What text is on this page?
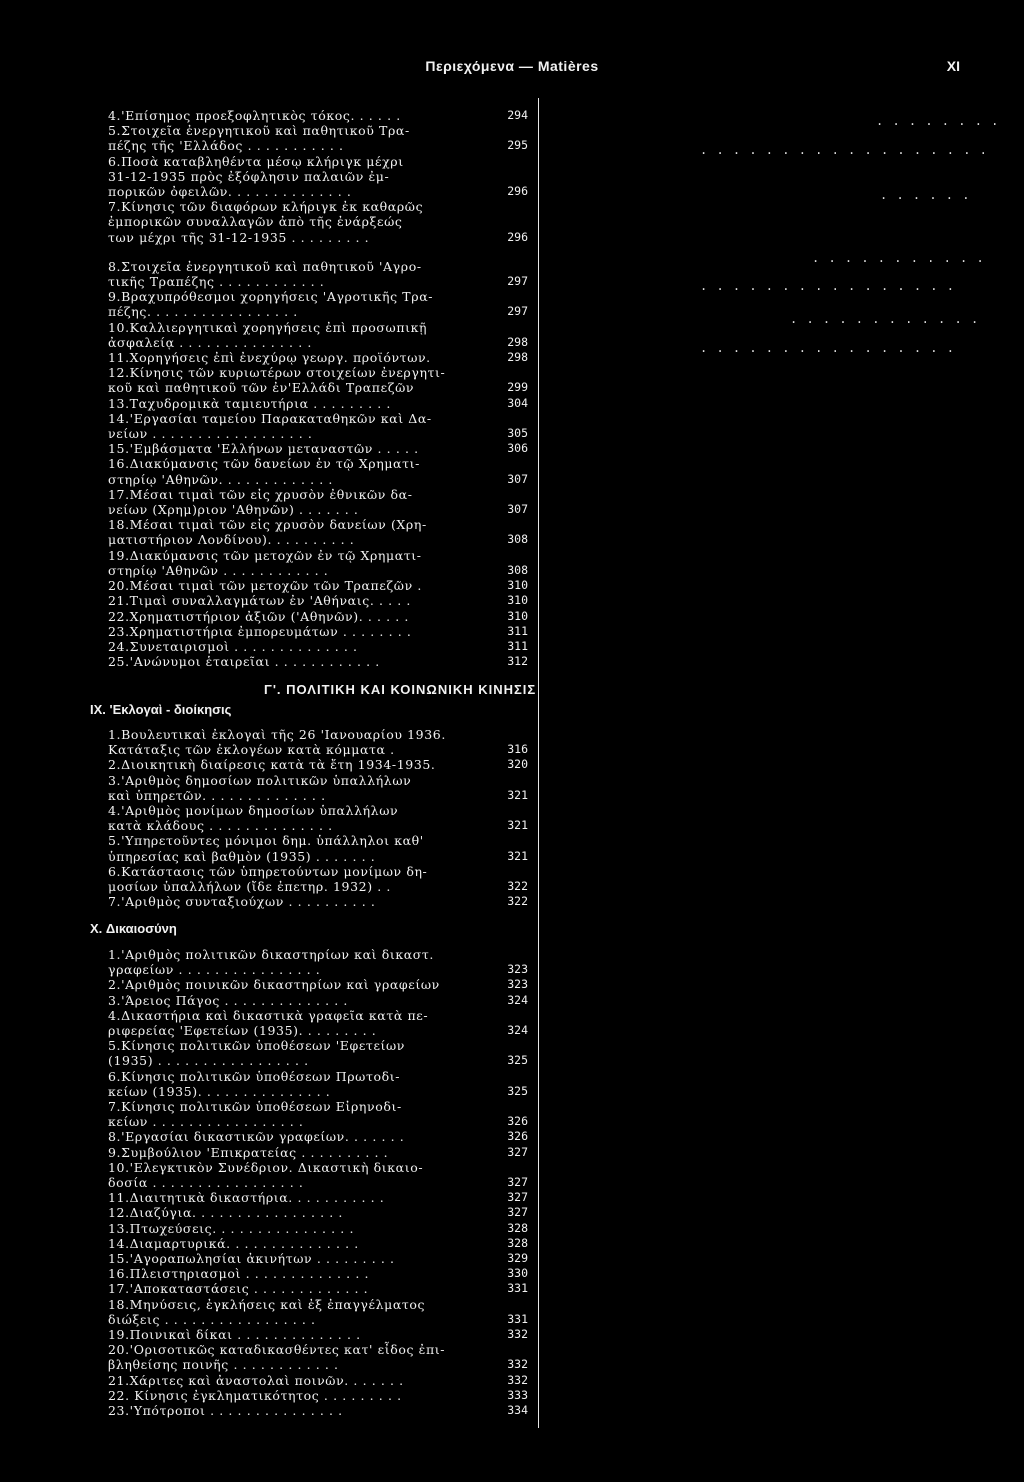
Περιεχόμενα — Matières	XI
4.'Επίσημος προεξοφλητικὸς τόκος. . . . . .	294
5.Στοιχεῖα ἐνεργητικοῦ καὶ παθητικοῦ Τρα-
πέζης τῆς 'Ελλάδος . . . . . . . . . . .	295
6.Ποσὰ καταβληθέντα μέσῳ κλήριγκ μέχρι
31-12-1935 πρὸς ἐξόφλησιν παλαιῶν ἐμ-
πορικῶν ὀφειλῶν. . . . . . . . . . . . . .	296
7.Κίνησις τῶν διαφόρων κλήριγκ ἐκ καθαρῶς
ἐμπορικῶν συναλλαγῶν ἀπὸ τῆς ἐνάρξεώς
των μέχρι τῆς 31-12-1935 . . . . . . . . .	296
8.Στοιχεῖα ἐνεργητικοῦ καὶ παθητικοῦ 'Αγρο-
τικῆς Τραπέζης . . . . . . . . . . . .	297
9.Βραχυπρόθεσμοι χορηγήσεις 'Αγροτικῆς Τρα-
πέζης. . . . . . . . . . . . . . . . .	297
10.Καλλιεργητικαὶ χορηγήσεις ἐπὶ προσωπικῇ
ἀσφαλείᾳ . . . . . . . . . . . . . . .	298
11.Χορηγήσεις ἐπὶ ἐνεχύρῳ γεωργ. προϊόντων.	298
12.Κίνησις τῶν κυριωτέρων στοιχείων ἐνεργητι-
κοῦ καὶ παθητικοῦ τῶν ἐν'Ελλάδι Τραπεζῶν	299
13.Ταχυδρομικὰ ταμιευτήρια . . . . . . . . .	304
14.'Εργασίαι ταμείου Παρακαταθηκῶν καὶ Δα-
νείων . . . . . . . . . . . . . . . . . .	305
15.'Εμβάσματα 'Ελλήνων μεταναστῶν . . . . .	306
16.Διακύμανσις τῶν δανείων ἐν τῷ Χρηματι-
στηρίῳ 'Αθηνῶν. . . . . . . . . . . . .	307
17.Μέσαι τιμαὶ τῶν εἰς χρυσὸν ἐθνικῶν δα-
νείων (Χρημ)ριον 'Αθηνῶν) . . . . . . .	307
18.Μέσαι τιμαὶ τῶν εἰς χρυσὸν δανείων (Χρη-
ματιστήριον Λονδίνου). . . . . . . . . .	308
19.Διακύμανσις τῶν μετοχῶν ἐν τῷ Χρηματι-
στηρίῳ 'Αθηνῶν . . . . . . . . . . . .	308
20.Μέσαι τιμαὶ τῶν μετοχῶν τῶν Τραπεζῶν .	310
21.Τιμαὶ συναλλαγμάτων ἐν 'Αθήναις. . . . .	310
22.Χρηματιστήριον ἀξιῶν ('Αθηνῶν). . . . . .	310
23.Χρηματιστήρια ἐμπορευμάτων . . . . . . . .	311
24.Συνεταιρισμοὶ . . . . . . . . . . . . . .	311
25.'Ανώνυμοι ἑταιρεῖαι . . . . . . . . . . . .	312
Γ'. ΠΟΛΙΤΙΚΗ ΚΑΙ ΚΟΙΝΩΝΙΚΗ ΚΙΝΗΣΙΣ
IX. 'Εκλογαὶ - διοίκησις
1.Βουλευτικαὶ ἐκλογαὶ τῆς 26 'Ιανουαρίου 1936.
Κατάταξις τῶν ἐκλογέων κατὰ κόμματα .	316
2.Διοικητικὴ διαίρεσις κατὰ τὰ ἔτη 1934-1935.	320
3.'Αριθμὸς δημοσίων πολιτικῶν ὑπαλλήλων
καὶ ὑπηρετῶν. . . . . . . . . . . . . .	321
4.'Αριθμὸς μονίμων δημοσίων ὑπαλλήλων
κατὰ κλάδους . . . . . . . . . . . . . .	321
5.'Υπηρετοῦντες μόνιμοι δημ. ὑπάλληλοι καθ'
ὑπηρεσίας καὶ βαθμὸν (1935) . . . . . . .	321
6.Κατάστασις τῶν ὑπηρετούντων μονίμων δη-
μοσίων ὑπαλλήλων (ἴδε ἐπετηρ. 1932) . .	322
7.'Αριθμὸς συνταξιούχων . . . . . . . . . .	322
X. Δικαιοσύνη
1.'Αριθμὸς πολιτικῶν δικαστηρίων καὶ δικαστ.
γραφείων . . . . . . . . . . . . . . . .	323
2.'Αριθμὸς ποινικῶν δικαστηρίων καὶ γραφείων	323
3.'Άρειος Πάγος . . . . . . . . . . . . . .	324
4.Δικαστήρια καὶ δικαστικὰ γραφεῖα κατὰ πε-
ριφερείας 'Εφετείων (1935). . . . . . . . .	324
5.Κίνησις πολιτικῶν ὑποθέσεων 'Εφετείων
(1935) . . . . . . . . . . . . . . . . .	325
6.Κίνησις πολιτικῶν ὑποθέσεων Πρωτοδι-
κείων (1935). . . . . . . . . . . . . . .	325
7.Κίνησις πολιτικῶν ὑποθέσεων Εἰρηνοδι-
κείων . . . . . . . . . . . . . . . . .	326
8.'Εργασίαι δικαστικῶν γραφείων. . . . . . .	326
9.Συμβούλιον 'Επικρατείας . . . . . . . . . .	327
10.'Ελεγκτικὸν Συνέδριον. Δικαστικὴ δικαιο-
δοσία . . . . . . . . . . . . . . . . .	327
11.Διαιτητικὰ δικαστήρια. . . . . . . . . . .	327
12.Διαζύγια. . . . . . . . . . . . . . . . .	327
13.Πτωχεύσεις. . . . . . . . . . . . . . . .	328
14.Διαμαρτυρικά. . . . . . . . . . . . . . .	328
15.'Αγοραπωλησίαι ἀκινήτων . . . . . . . . .	329
16.Πλειστηριασμοὶ . . . . . . . . . . . . . .	330
17.'Αποκαταστάσεις . . . . . . . . . . . . .	331
18.Μηνύσεις, ἐγκλήσεις καὶ ἐξ ἐπαγγέλματος
διώξεις . . . . . . . . . . . . . . . . .	331
19.Ποινικαὶ δίκαι . . . . . . . . . . . . . .	332
20.'Ορισοτικῶς καταδικασθέντες κατ' εἶδος ἐπι-
βληθείσης ποινῆς . . . . . . . . . . . .	332
21.Χάριτες καὶ ἀναστολαὶ ποινῶν. . . . . . .	332
22. Κίνησις ἐγκληματικότητος . . . . . . . . .	333
23.'Υπότροποι . . . . . . . . . . . . . . .	334
. . . . . . . .
. . . . . . . . . . . . . . . . . .
. . . . . .
. . . . . . . . . . .
. . . . . . . . . . . . . . . .
. . . . . . . . . . . .
. . . . . . . . . . . . . . . .
